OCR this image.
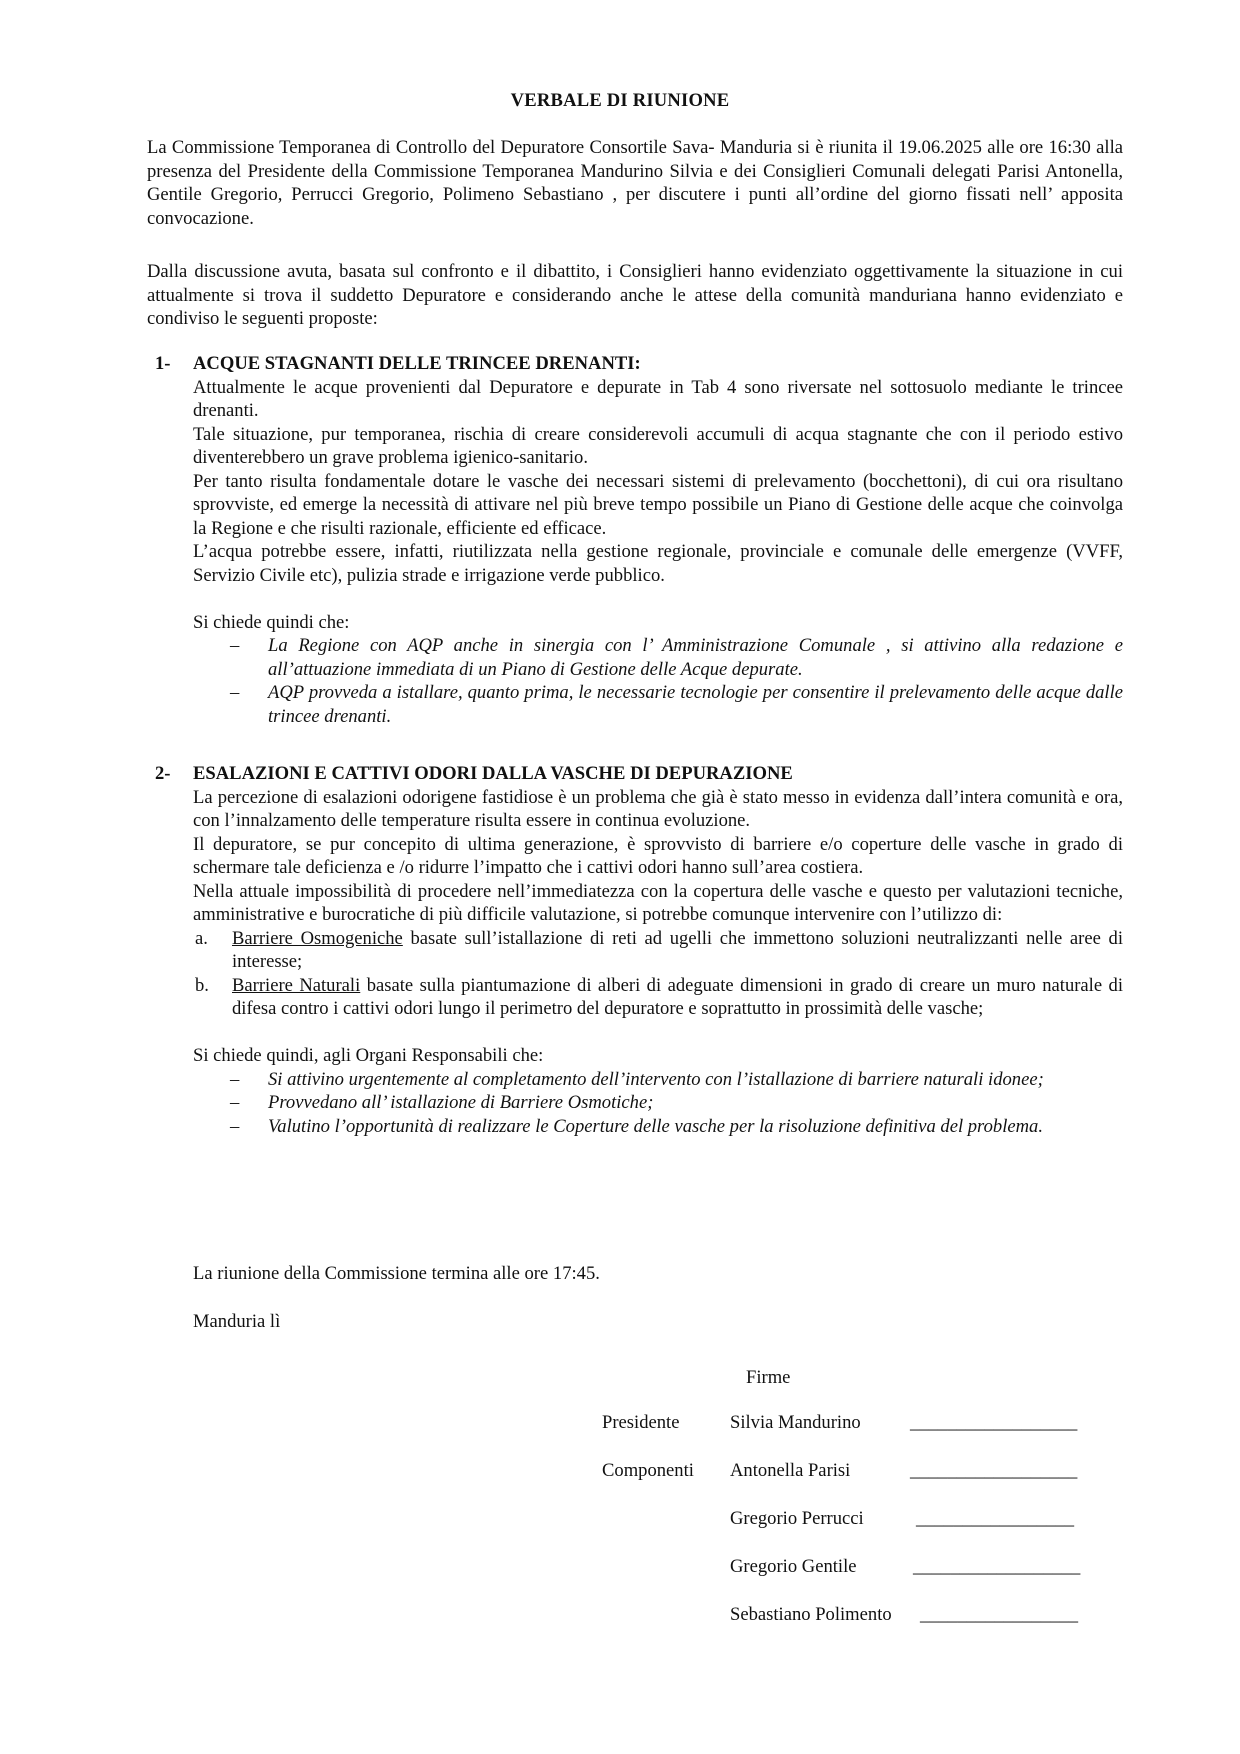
VERBALE DI RIUNIONE

La Commissione Temporanea di Controllo del Depuratore Consortile Sava- Manduria si è riunita il 19.06.2025 alle ore 16:30 alla presenza del Presidente della Commissione Temporanea Mandurino Silvia e dei Consiglieri Comunali delegati Parisi Antonella, Gentile Gregorio, Perrucci Gregorio, Polimeno Sebastiano , per discutere i punti all’ordine del giorno fissati nell’ apposita convocazione.

Dalla discussione avuta, basata sul confronto e il dibattito, i Consiglieri hanno evidenziato oggettivamente la situazione in cui attualmente si trova il suddetto Depuratore e considerando anche le attese della comunità manduriana hanno evidenziato e condiviso le seguenti proposte:

1-	ACQUE STAGNANTI DELLE TRINCEE DRENANTI:

Attualmente le acque provenienti dal Depuratore e depurate in Tab 4 sono riversate nel sottosuolo mediante le trincee drenanti.

Tale situazione, pur temporanea, rischia di creare considerevoli accumuli di acqua stagnante che con il periodo estivo diventerebbero un grave problema igienico-sanitario.

Per tanto risulta fondamentale dotare le vasche dei necessari sistemi di prelevamento (bocchettoni), di cui ora risultano sprovviste, ed emerge la necessità di attivare nel più breve tempo possibile un Piano di Gestione delle acque che coinvolga la Regione e che risulti razionale, efficiente ed efficace.

L’acqua potrebbe essere, infatti, riutilizzata nella gestione regionale, provinciale e comunale delle emergenze (VVFF, Servizio Civile etc), pulizia strade e irrigazione verde pubblico.

Si chiede quindi che:

–	La Regione con AQP anche in sinergia con l’ Amministrazione Comunale , si attivino alla redazione e all’attuazione immediata di un Piano di Gestione delle Acque depurate.
–	AQP provveda a istallare, quanto prima, le necessarie tecnologie per consentire il prelevamento delle acque dalle trincee drenanti.
2-	ESALAZIONI E CATTIVI ODORI DALLA VASCHE DI DEPURAZIONE

La percezione di esalazioni odorigene fastidiose è un problema che già è stato messo in evidenza dall’intera comunità e ora, con l’innalzamento delle temperature risulta essere in continua evoluzione.

Il depuratore, se pur concepito di ultima generazione, è sprovvisto di barriere e/o coperture delle vasche in grado di schermare tale deficienza e /o ridurre l’impatto che i cattivi odori hanno sull’area costiera.

Nella attuale impossibilità di procedere nell’immediatezza con la copertura delle vasche e questo per valutazioni tecniche, amministrative e burocratiche di più difficile valutazione, si potrebbe comunque intervenire con l’utilizzo di:

a.	Barriere Osmogeniche basate sull’istallazione di reti ad ugelli che immettono soluzioni neutralizzanti nelle aree di interesse;
b.	Barriere Naturali basate sulla piantumazione di alberi di adeguate dimensioni in grado di creare un muro naturale di difesa contro i cattivi odori lungo il perimetro del depuratore e soprattutto in prossimità delle vasche;

Si chiede quindi, agli Organi Responsabili che:

–	Si attivino urgentemente al completamento dell’intervento con l’istallazione di barriere naturali idonee;
–	Provvedano all’ istallazione di Barriere Osmotiche;
–	Valutino l’opportunità di realizzare le Coperture delle vasche per la risoluzione definitiva del problema.
La riunione della Commissione termina alle ore 17:45.
Manduria lì
Firme
Presidente	Silvia Mandurino	__________________
Componenti Antonella Parisi	__________________
Gregorio Perrucci	_________________
Gregorio Gentile	__________________
Sebastiano Polimento _________________
